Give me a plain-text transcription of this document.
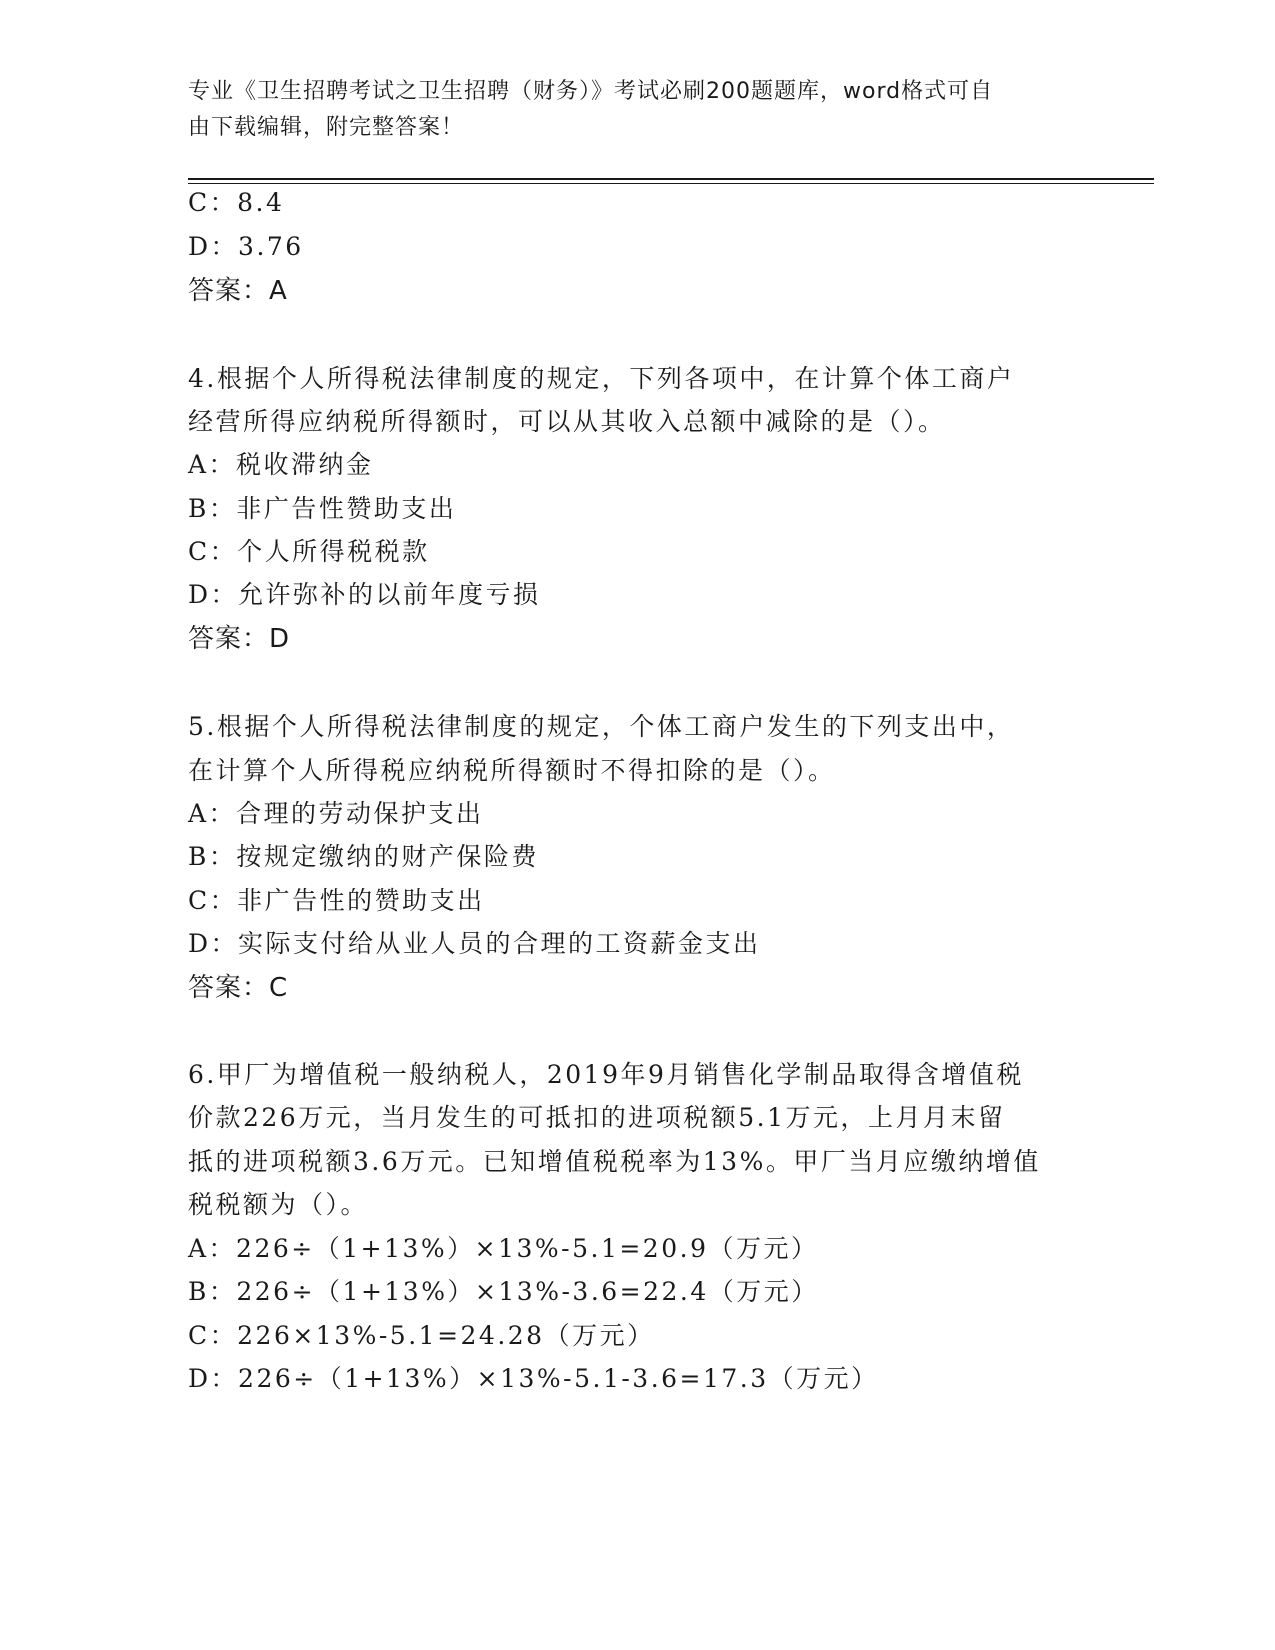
专业《卫生招聘考试之卫生招聘（财务）》考试必刷200题题库，word格式可自
由下载编辑，附完整答案！
C：8.4
D：3.76
答案：A
4.根据个人所得税法律制度的规定，下列各项中，在计算个体工商户
经营所得应纳税所得额时，可以从其收入总额中减除的是（）。
A：税收滞纳金
B：非广告性赞助支出
C：个人所得税税款
D：允许弥补的以前年度亏损
答案：D
5.根据个人所得税法律制度的规定，个体工商户发生的下列支出中，
在计算个人所得税应纳税所得额时不得扣除的是（）。
A：合理的劳动保护支出
B：按规定缴纳的财产保险费
C：非广告性的赞助支出
D：实际支付给从业人员的合理的工资薪金支出
答案：C
6.甲厂为增值税一般纳税人，2019年9月销售化学制品取得含增值税
价款226万元，当月发生的可抵扣的进项税额5.1万元，上月月末留
抵的进项税额3.6万元。已知增值税税率为13%。甲厂当月应缴纳增值
税税额为（）。
A：226÷（1+13%）×13%-5.1=20.9（万元）
B：226÷（1+13%）×13%-3.6=22.4（万元）
C：226×13%-5.1=24.28（万元）
D：226÷（1+13%）×13%-5.1-3.6=17.3（万元）
